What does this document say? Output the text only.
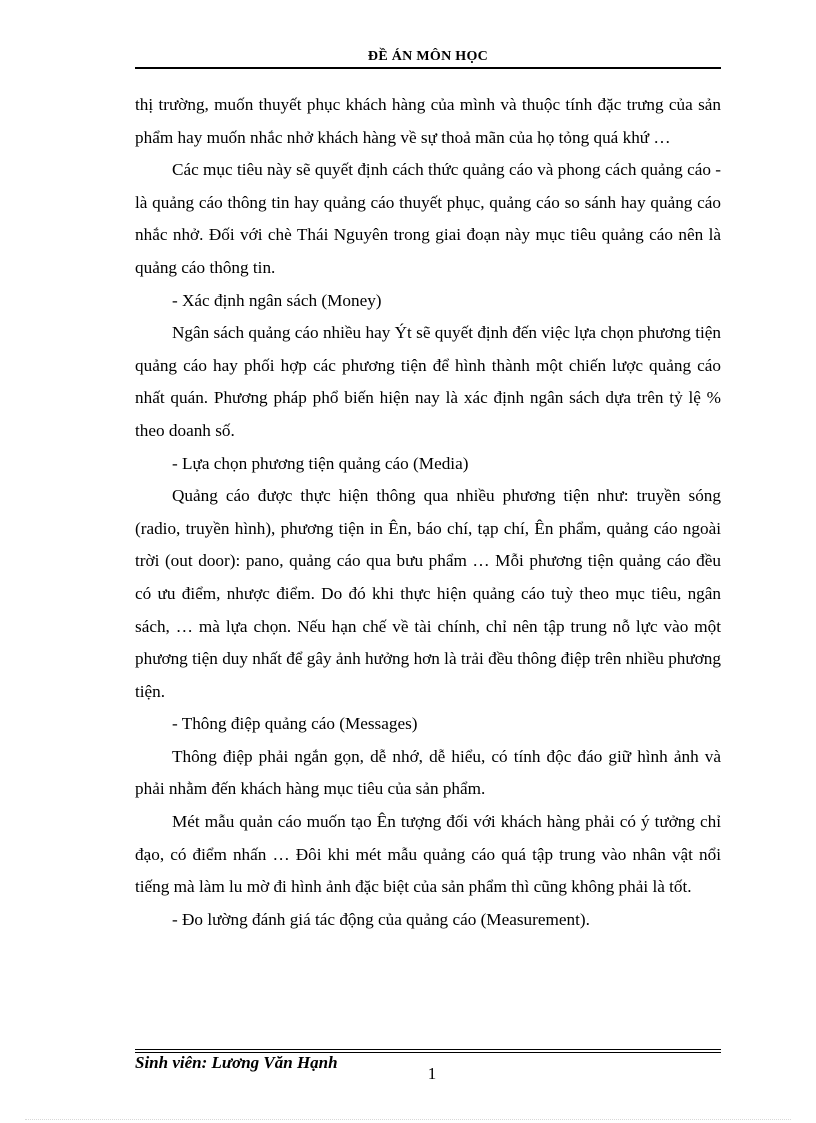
ĐỀ ÁN MÔN HỌC

thị trường, muốn thuyết phục khách hàng của mình và thuộc tính đặc trưng của sản phẩm hay muốn nhắc nhở khách hàng về sự thoả mãn của họ tỏng quá khứ …

Các mục tiêu này sẽ quyết định cách thức quảng cáo và phong cách quảng cáo - là quảng cáo thông tin hay quảng cáo thuyết phục, quảng cáo so sánh hay quảng cáo nhắc nhở. Đối với chè Thái Nguyên trong giai đoạn này mục tiêu quảng cáo nên là quảng cáo thông tin.

- Xác định ngân sách (Money)

Ngân sách quảng cáo nhiều hay Ýt sẽ quyết định đến việc lựa chọn phương tiện quảng cáo hay phối hợp các phương tiện để hình thành một chiến lược quảng cáo nhất quán. Phương pháp phổ biến hiện nay là xác định ngân sách dựa trên tỷ lệ % theo doanh số.

- Lựa chọn phương tiện quảng cáo (Media)

Quảng cáo được thực hiện thông qua nhiều phương tiện như: truyền sóng (radio, truyền hình), phương tiện in Ên, báo chí, tạp chí, Ên phẩm, quảng cáo ngoài trời (out door): pano, quảng cáo qua bưu phẩm … Mỗi phương tiện quảng cáo đều có ưu điểm, nhược điểm. Do đó khi thực hiện quảng cáo tuỳ theo mục tiêu, ngân sách, … mà lựa chọn. Nếu hạn chế về tài chính, chỉ nên tập trung nỗ lực vào một phương tiện duy nhất để gây ảnh hưởng hơn là trải đều thông điệp trên nhiều phương tiện.

- Thông điệp quảng cáo (Messages)

Thông điệp phải ngắn gọn, dễ nhớ, dễ hiểu, có tính độc đáo giữ hình ảnh và phải nhằm đến khách hàng mục tiêu của sản phẩm.

Mét mẫu quản cáo muốn tạo Ên tượng đối với khách hàng phải có ý tưởng chỉ đạo, có điểm nhấn … Đôi khi mét mẫu quảng cáo quá tập trung vào nhân vật nổi tiếng mà làm lu mờ đi hình ảnh đặc biệt của sản phẩm thì cũng không phải là tốt.

- Đo lường đánh giá tác động của quảng cáo (Measurement).

Sinh viên: Lương Văn Hạnh
1
